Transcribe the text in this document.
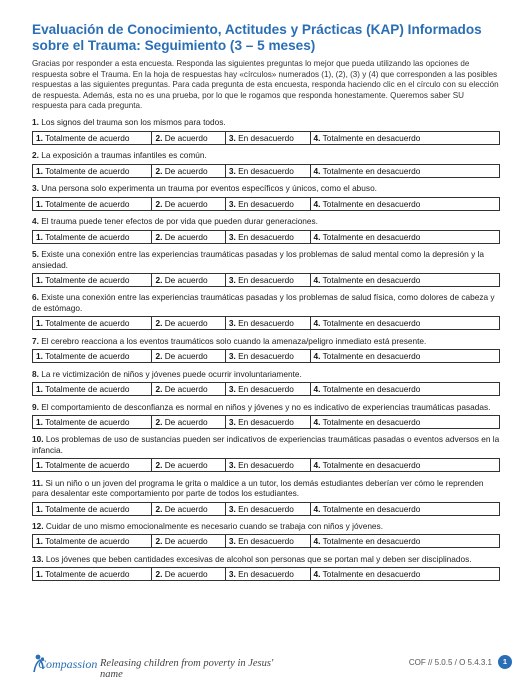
Evaluación de Conocimiento, Actitudes y Prácticas (KAP) Informados sobre el Trauma: Seguimiento (3 – 5 meses)

Gracias por responder a esta encuesta. Responda las siguientes preguntas lo mejor que pueda utilizando las opciones de respuesta sobre el Trauma. En la hoja de respuestas hay «círculos» numerados (1), (2), (3) y (4) que corresponden a las posibles respuestas a las siguientes preguntas. Para cada pregunta de esta encuesta, responda haciendo clic en el círculo con su elección de respuesta. Además, esta no es una prueba, por lo que le rogamos que responda honestamente. Queremos saber SU respuesta para cada pregunta.

1. Los signos del trauma son los mismos para todos.
1. Totalmente de acuerdo	2. De acuerdo	3. En desacuerdo	4. Totalmente en desacuerdo
2. La exposición a traumas infantiles es común.
1. Totalmente de acuerdo	2. De acuerdo	3. En desacuerdo	4. Totalmente en desacuerdo
3. Una persona solo experimenta un trauma por eventos específicos y únicos, como el abuso.
1. Totalmente de acuerdo	2. De acuerdo	3. En desacuerdo	4. Totalmente en desacuerdo
4. El trauma puede tener efectos de por vida que pueden durar generaciones.
1. Totalmente de acuerdo	2. De acuerdo	3. En desacuerdo	4. Totalmente en desacuerdo
5. Existe una conexión entre las experiencias traumáticas pasadas y los problemas de salud mental como la depresión y la ansiedad.
1. Totalmente de acuerdo	2. De acuerdo	3. En desacuerdo	4. Totalmente en desacuerdo
6. Existe una conexión entre las experiencias traumáticas pasadas y los problemas de salud física, como dolores de cabeza y de estómago.
1. Totalmente de acuerdo	2. De acuerdo	3. En desacuerdo	4. Totalmente en desacuerdo
7. El cerebro reacciona a los eventos traumáticos solo cuando la amenaza/peligro inmediato está presente.
1. Totalmente de acuerdo	2. De acuerdo	3. En desacuerdo	4. Totalmente en desacuerdo
8. La re victimización de niños y jóvenes puede ocurrir involuntariamente.
1. Totalmente de acuerdo	2. De acuerdo	3. En desacuerdo	4. Totalmente en desacuerdo
9. El comportamiento de desconfianza es normal en niños y jóvenes y no es indicativo de experiencias traumáticas pasadas.
1. Totalmente de acuerdo	2. De acuerdo	3. En desacuerdo	4. Totalmente en desacuerdo
10. Los problemas de uso de sustancias pueden ser indicativos de experiencias traumáticas pasadas o eventos adversos en la infancia.
1. Totalmente de acuerdo	2. De acuerdo	3. En desacuerdo	4. Totalmente en desacuerdo
11. Si un niño o un joven del programa le grita o maldice a un tutor, los demás estudiantes deberían ver cómo le reprenden para desalentar este comportamiento por parte de todos los estudiantes.
1. Totalmente de acuerdo	2. De acuerdo	3. En desacuerdo	4. Totalmente en desacuerdo
12. Cuidar de uno mismo emocionalmente es necesario cuando se trabaja con niños y jóvenes.
1. Totalmente de acuerdo	2. De acuerdo	3. En desacuerdo	4. Totalmente en desacuerdo
13. Los jóvenes que beben cantidades excesivas de alcohol son personas que se portan mal y deben ser disciplinados.
1. Totalmente de acuerdo	2. De acuerdo	3. En desacuerdo	4. Totalmente en desacuerdo
Compassion Releasing children from poverty in Jesus' name
COF // 5.0.5 / O 5.4.3.1	1
